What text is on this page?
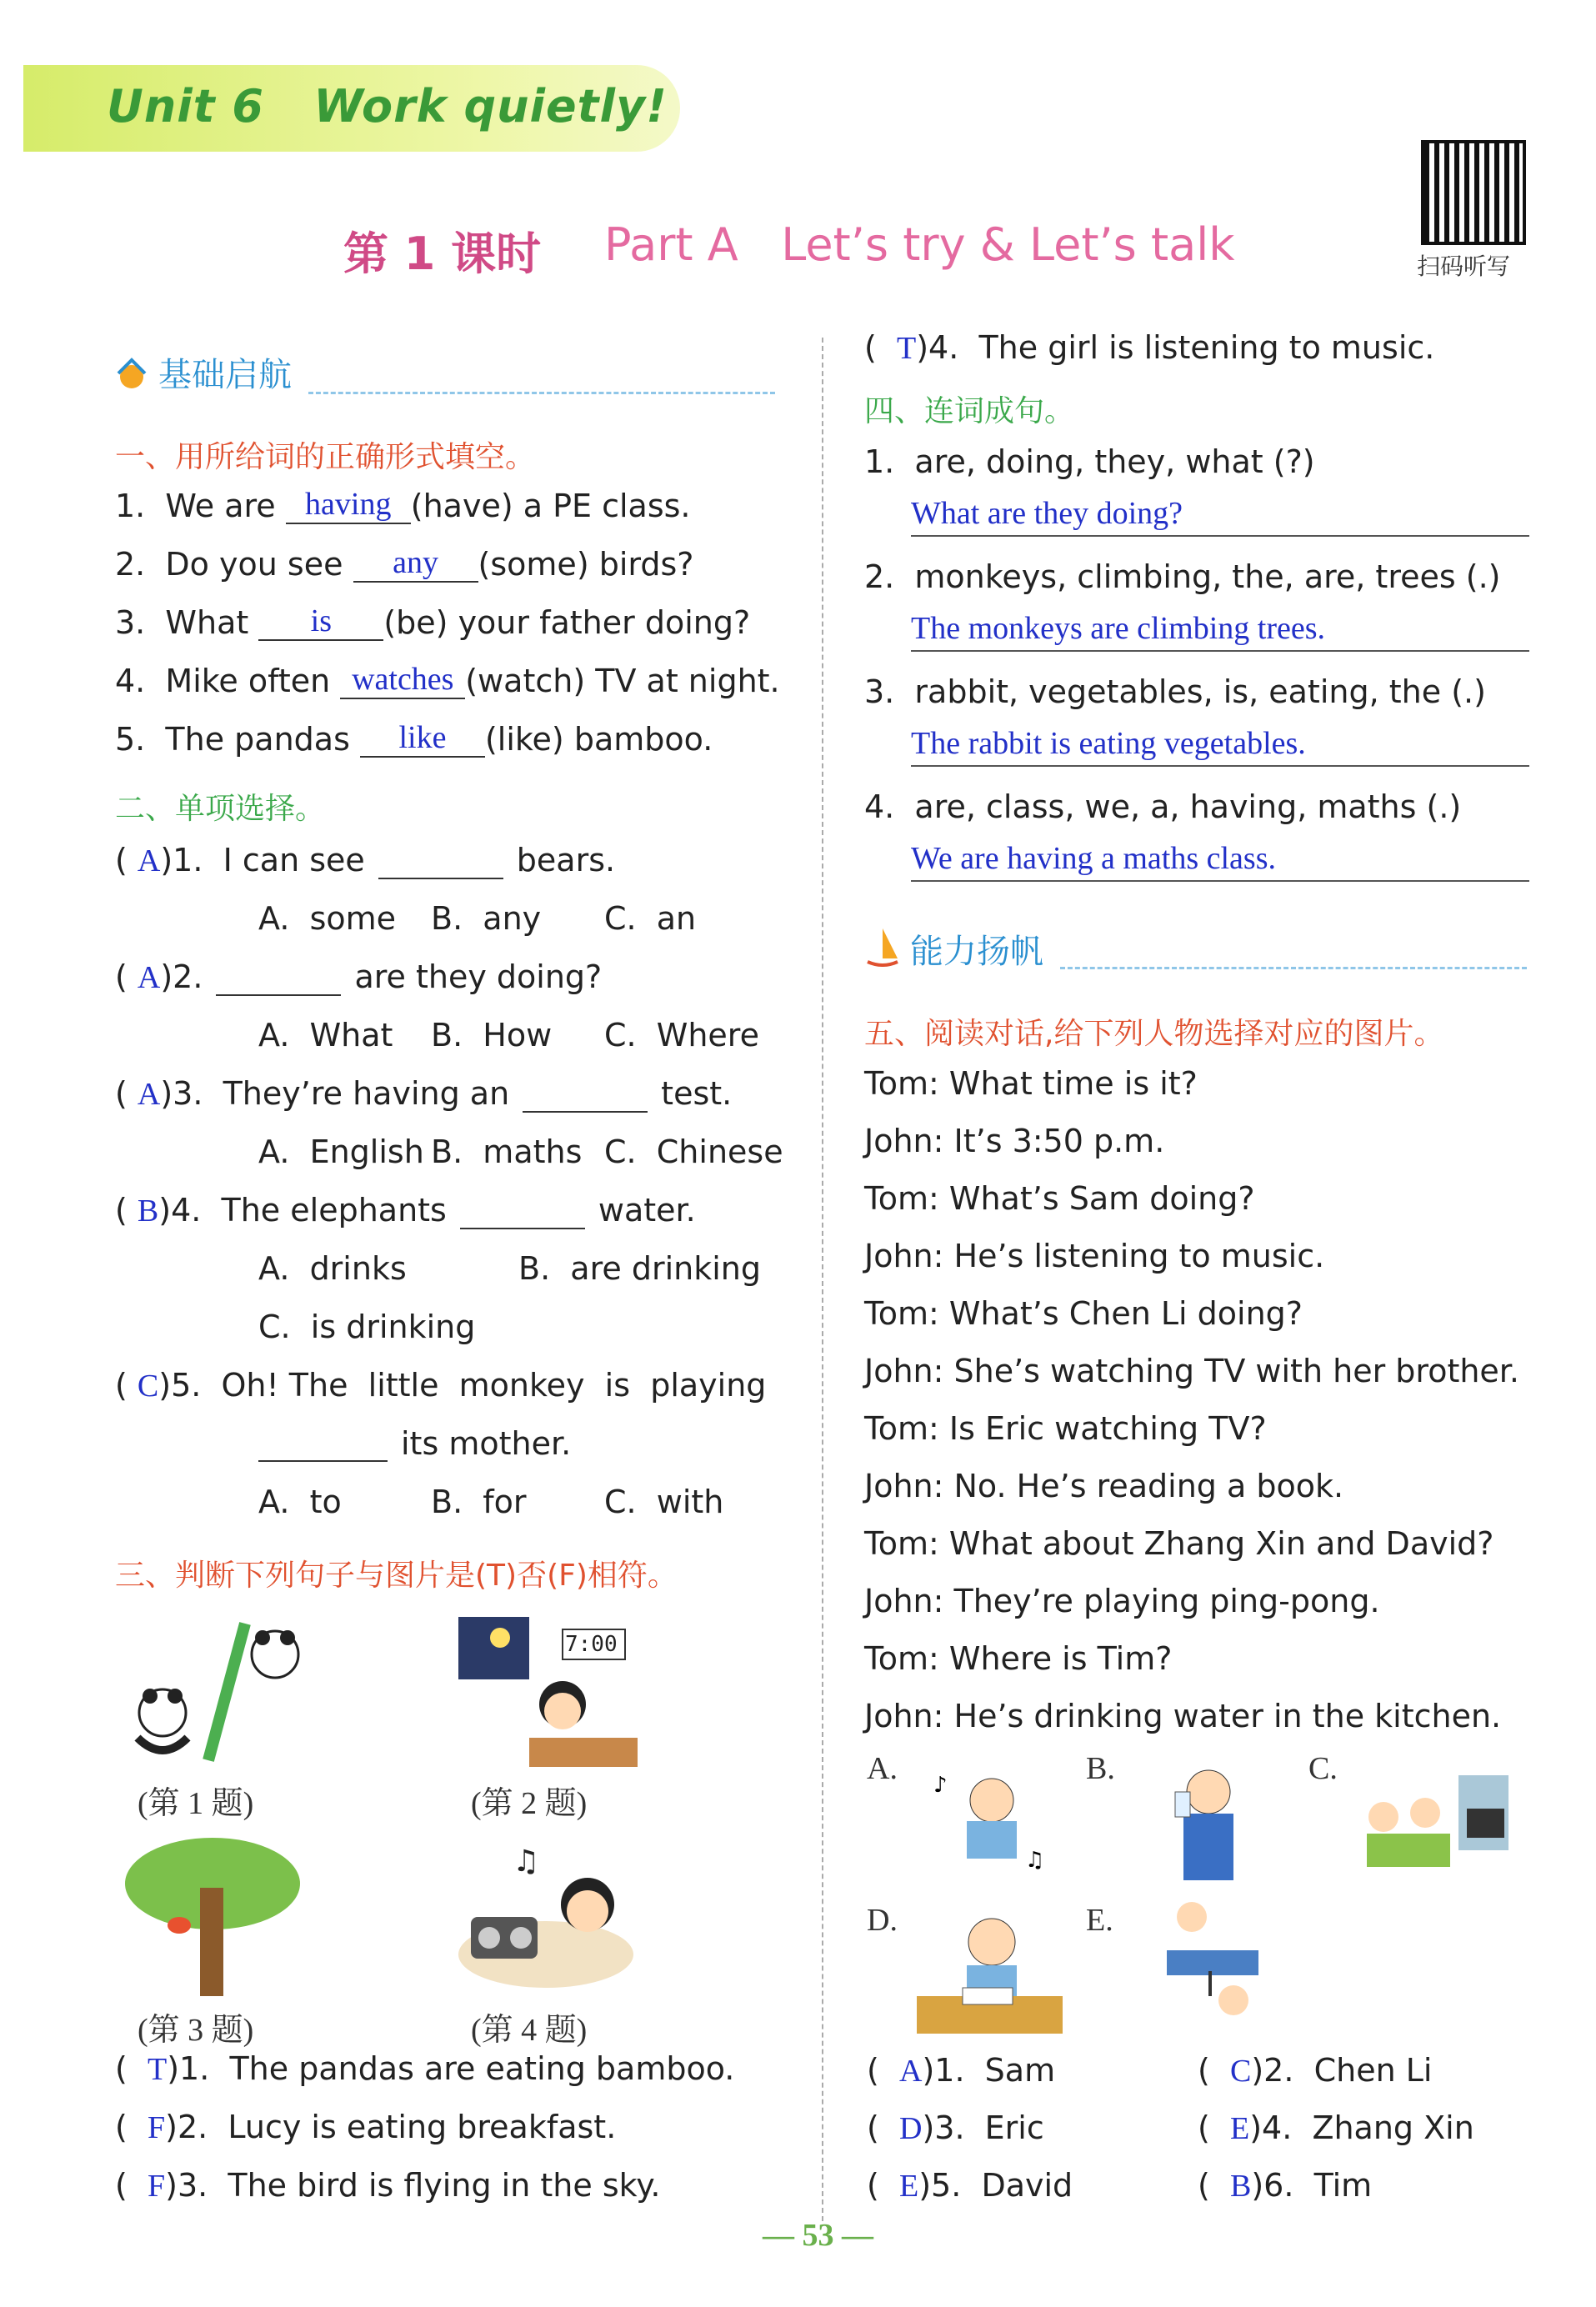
Unit 6   Work quietly!
扫码听写
第 1 课时 Part A   Let’s try & Let’s talk
基础启航
一、用所给词的正确形式填空。
二、单项选择。
三、判断下列句子与图片是(T)否(F)相符。
7:00
(第 1 题)	(第 2 题)
♫
(第 3 题)	(第 4 题)
四、连词成句。
能力扬帆
五、阅读对话,给下列人物选择对应的图片。
A. ♪
♫
B.	C.
D.	E.
— 53 —
1.  We are having (have) a PE class.
2.  Do you see any (some) birds?
3.  What is (be) your father doing?
4.  Mike often watches (watch) TV at night.
5.  The pandas like (like) bamboo.
( A)1.  I can see	bears.
A.  some B.  any C.  an
( A)2.	are they doing?
A.  What B.  How C.  Where
( A)3.  They’re having an	test.
A.  English B.  maths C.  Chinese
( B)4.  The elephants	water.
A.  drinks	B.  are drinking
C.  is drinking
( C)5.  Oh! The  little  monkey  is  playing
its mother.
A.  to	B.  for C.  with
(  T)1.  The pandas are eating bamboo.
(  F)2.  Lucy is eating breakfast.
(  F)3.  The bird is flying in the sky.
(  T)4.  The girl is listening to music.
1.  are, doing, they, what (?)
What are they doing?
2.  monkeys, climbing, the, are, trees (.)
The monkeys are climbing trees.
3.  rabbit, vegetables, is, eating, the (.)
The rabbit is eating vegetables.
4.  are, class, we, a, having, maths (.)
We are having a maths class.
Tom: What time is it?
John: It’s 3:50 p.m.
Tom: What’s Sam doing?
John: He’s listening to music.
Tom: What’s Chen Li doing?
John: She’s watching TV with her brother.
Tom: Is Eric watching TV?
John: No. He’s reading a book.
Tom: What about Zhang Xin and David?
John: They’re playing ping-pong.
Tom: Where is Tim?
John: He’s drinking water in the kitchen.
(  A)1.  Sam	(  C)2.  Chen Li
(  D)3.  Eric	(  E)4.  Zhang Xin
(  E)5.  David	(  B)6.  Tim
